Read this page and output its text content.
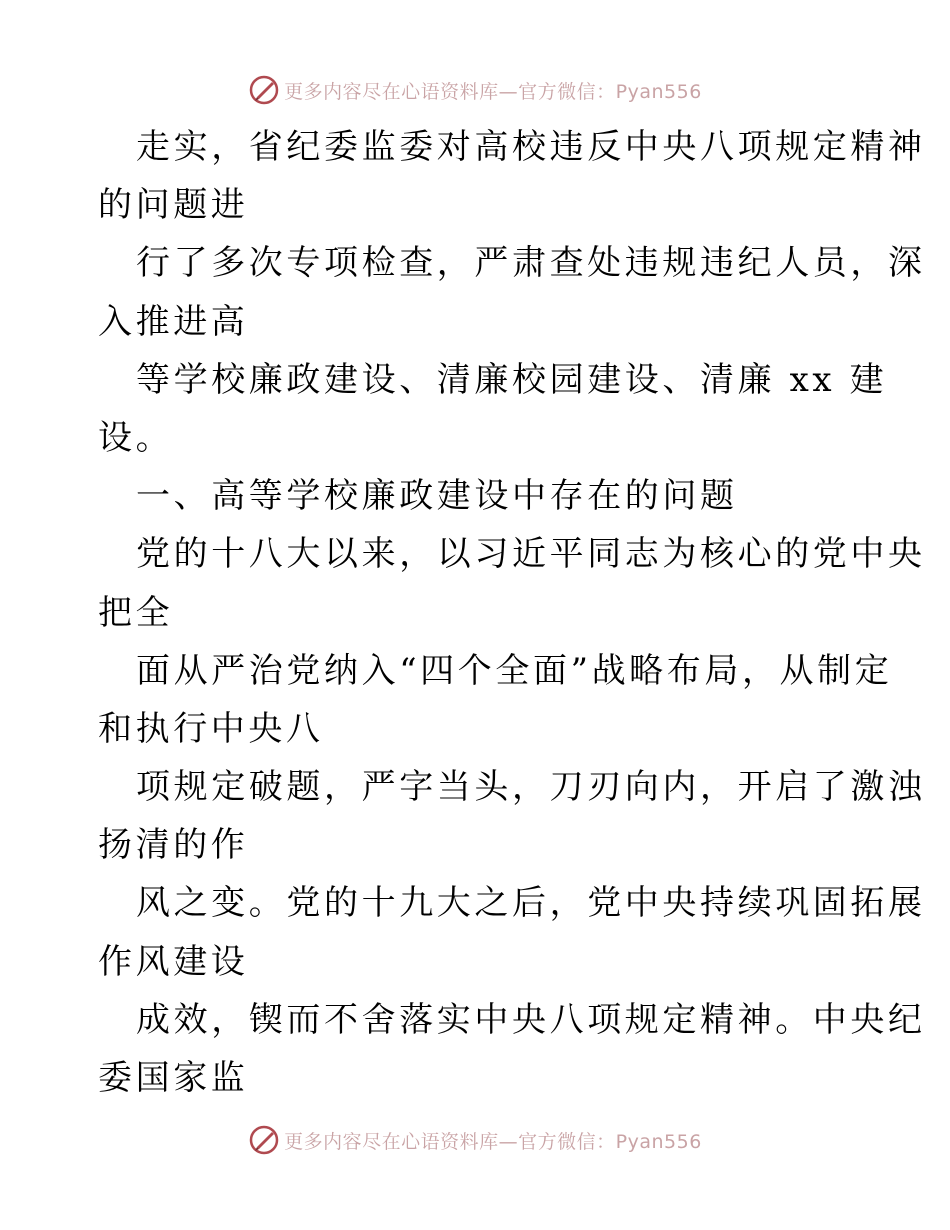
更多内容尽在心语资料库—官方微信：Pyan556
走实，省纪委监委对高校违反中央八项规定精神
的问题进
行了多次专项检查，严肃查处违规违纪人员，深
入推进高
等学校廉政建设、清廉校园建设、清廉 xx 建
设。
一、高等学校廉政建设中存在的问题
党的十八大以来，以习近平同志为核心的党中央
把全
面从严治党纳入“四个全面”战略布局，从制定
和执行中央八
项规定破题，严字当头，刀刃向内，开启了激浊
扬清的作
风之变。党的十九大之后，党中央持续巩固拓展
作风建设
成效，锲而不舍落实中央八项规定精神。中央纪
委国家监
更多内容尽在心语资料库—官方微信：Pyan556
